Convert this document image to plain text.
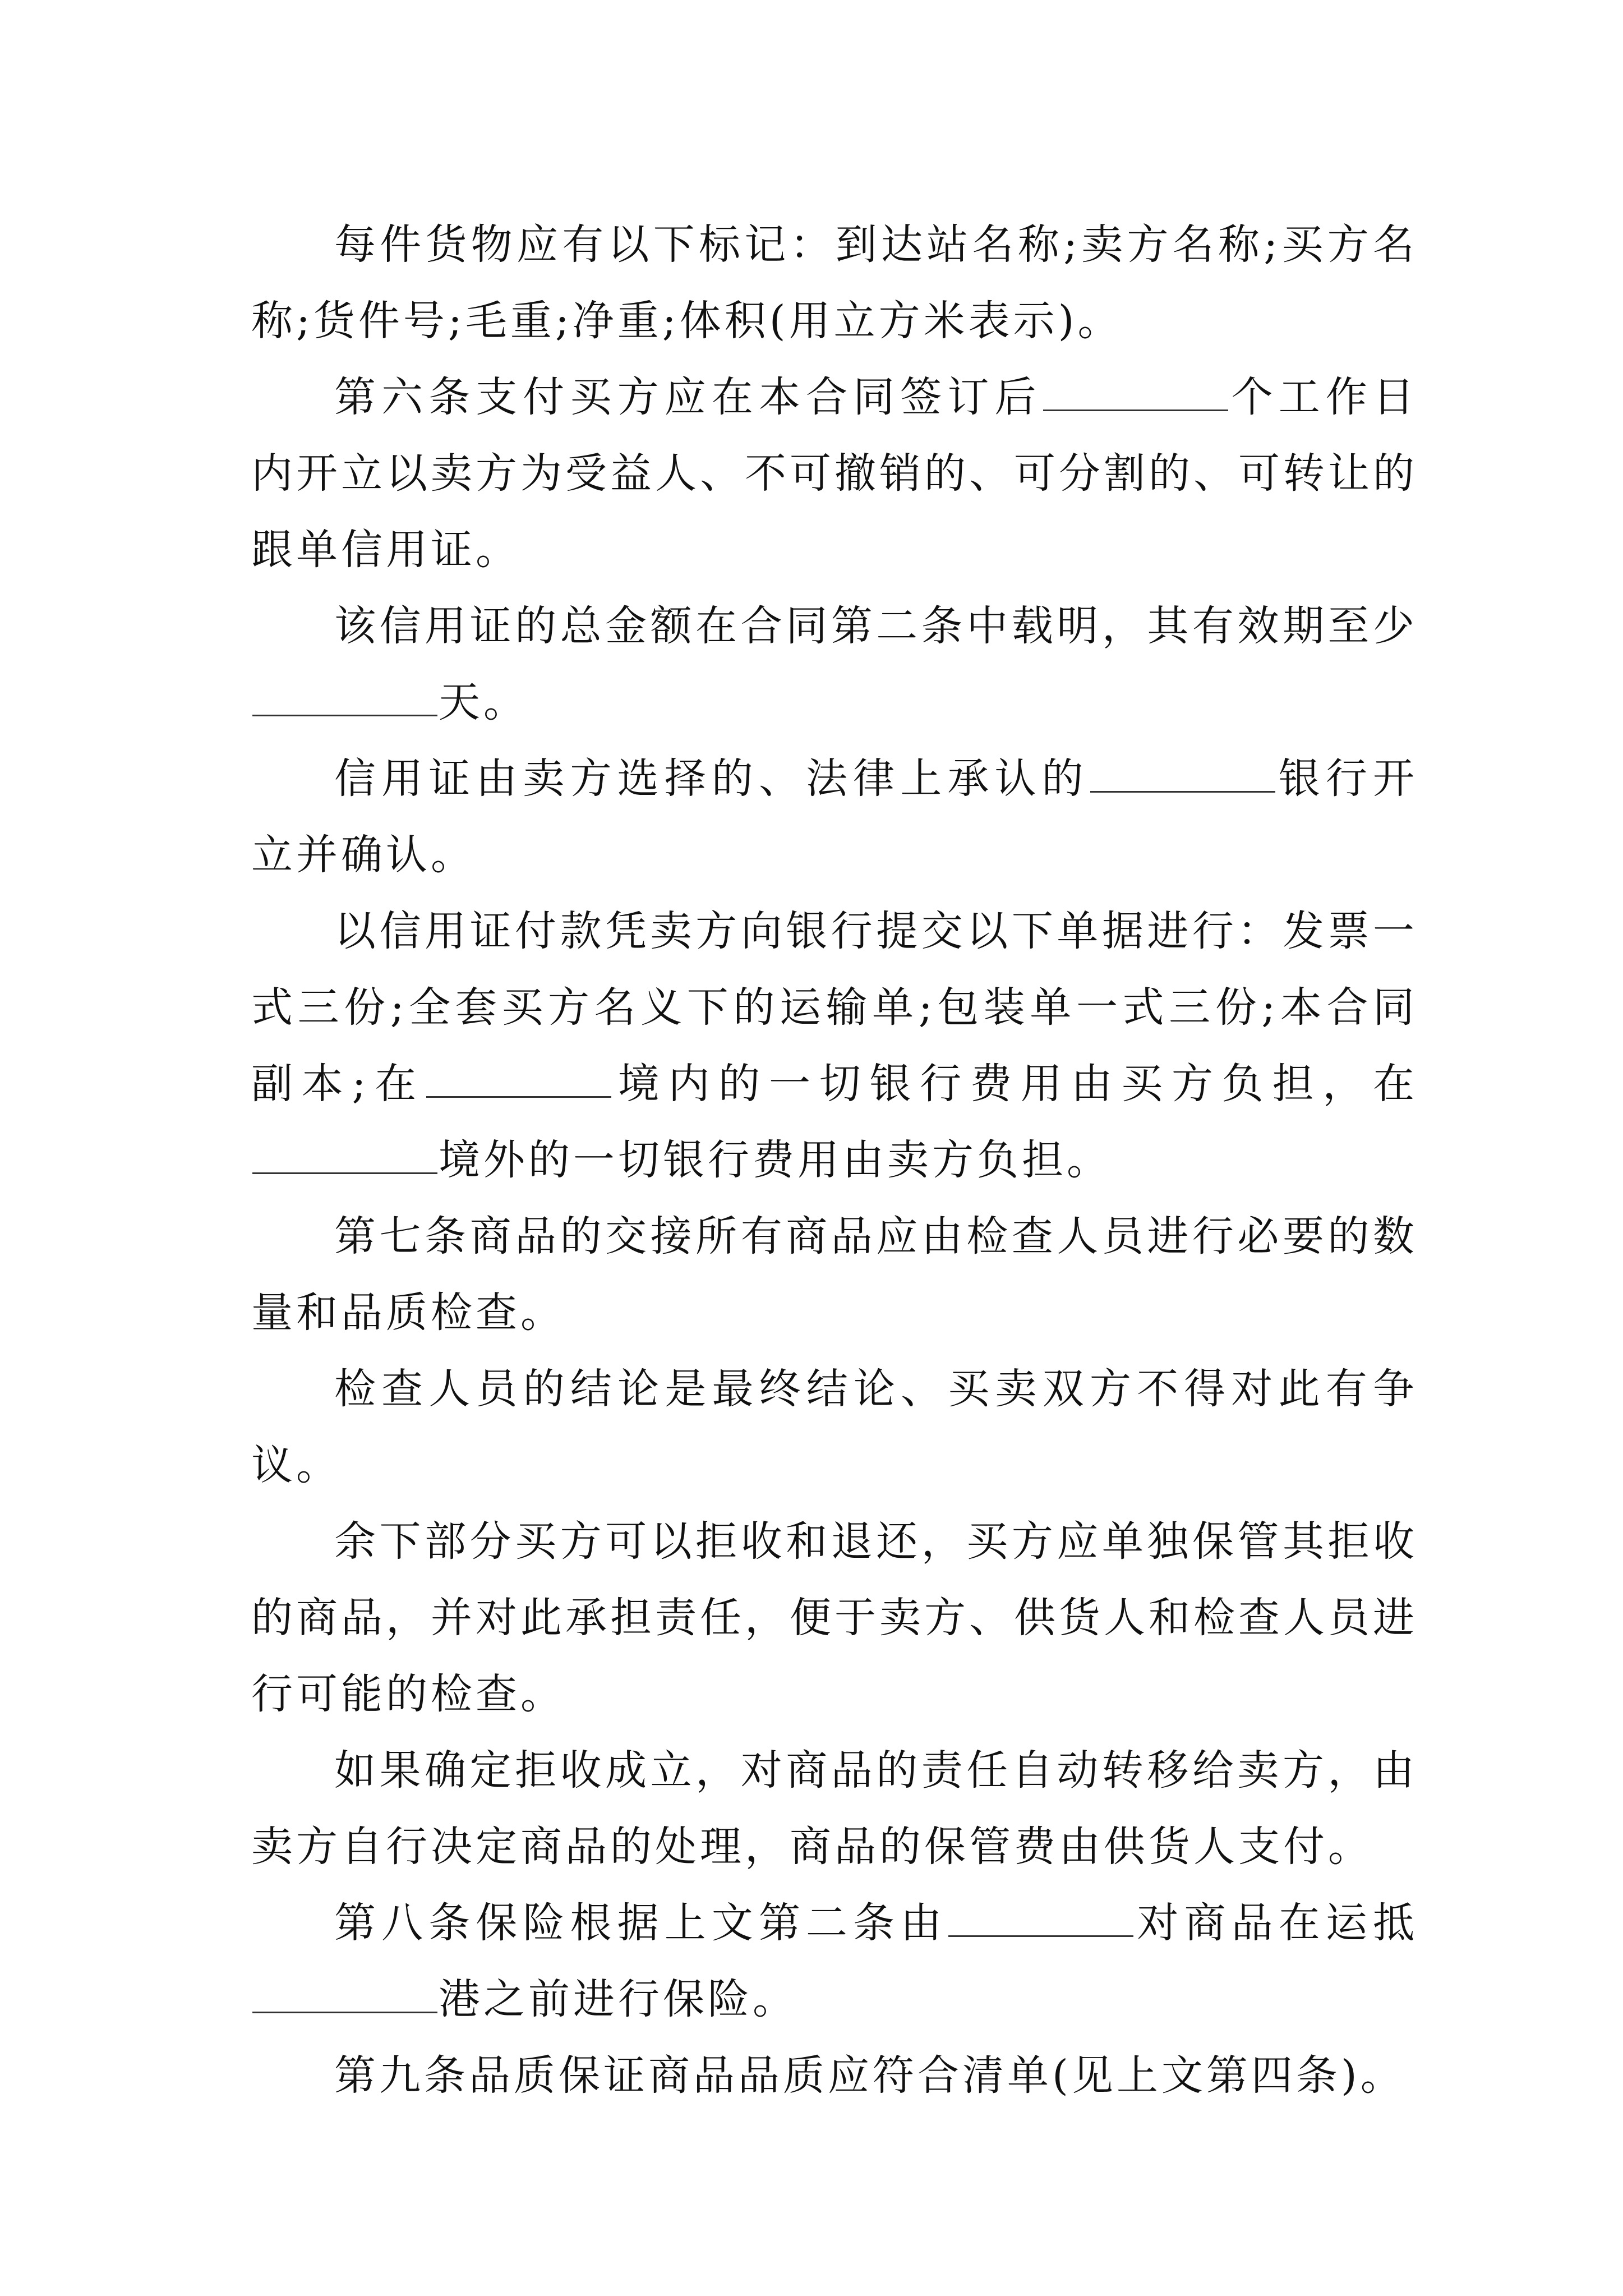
每件货物应有以下标记：到达站名称;卖方名称;买方名称;货件号;毛重;净重;体积(用立方米表示)。

第六条支付买方应在本合同签订后	个工作日内开立以卖方为受益人、不可撤销的、可分割的、可转让的跟单信用证。

该信用证的总金额在合同第二条中载明，其有效期至少天。

信用证由卖方选择的、法律上承认的	银行开立并确认。

以信用证付款凭卖方向银行提交以下单据进行：发票一式三份;全套买方名义下的运输单;包装单一式三份;本合同副本;在	境内的一切银行费用由买方负担，在境外的一切银行费用由卖方负担。

第七条商品的交接所有商品应由检查人员进行必要的数量和品质检查。

检查人员的结论是最终结论、买卖双方不得对此有争议。

余下部分买方可以拒收和退还，买方应单独保管其拒收的商品，并对此承担责任，便于卖方、供货人和检查人员进行可能的检查。

如果确定拒收成立，对商品的责任自动转移给卖方，由卖方自行决定商品的处理，商品的保管费由供货人支付。

第八条保险根据上文第二条由	对商品在运抵港之前进行保险。

第九条品质保证商品品质应符合清单(见上文第四条)。
